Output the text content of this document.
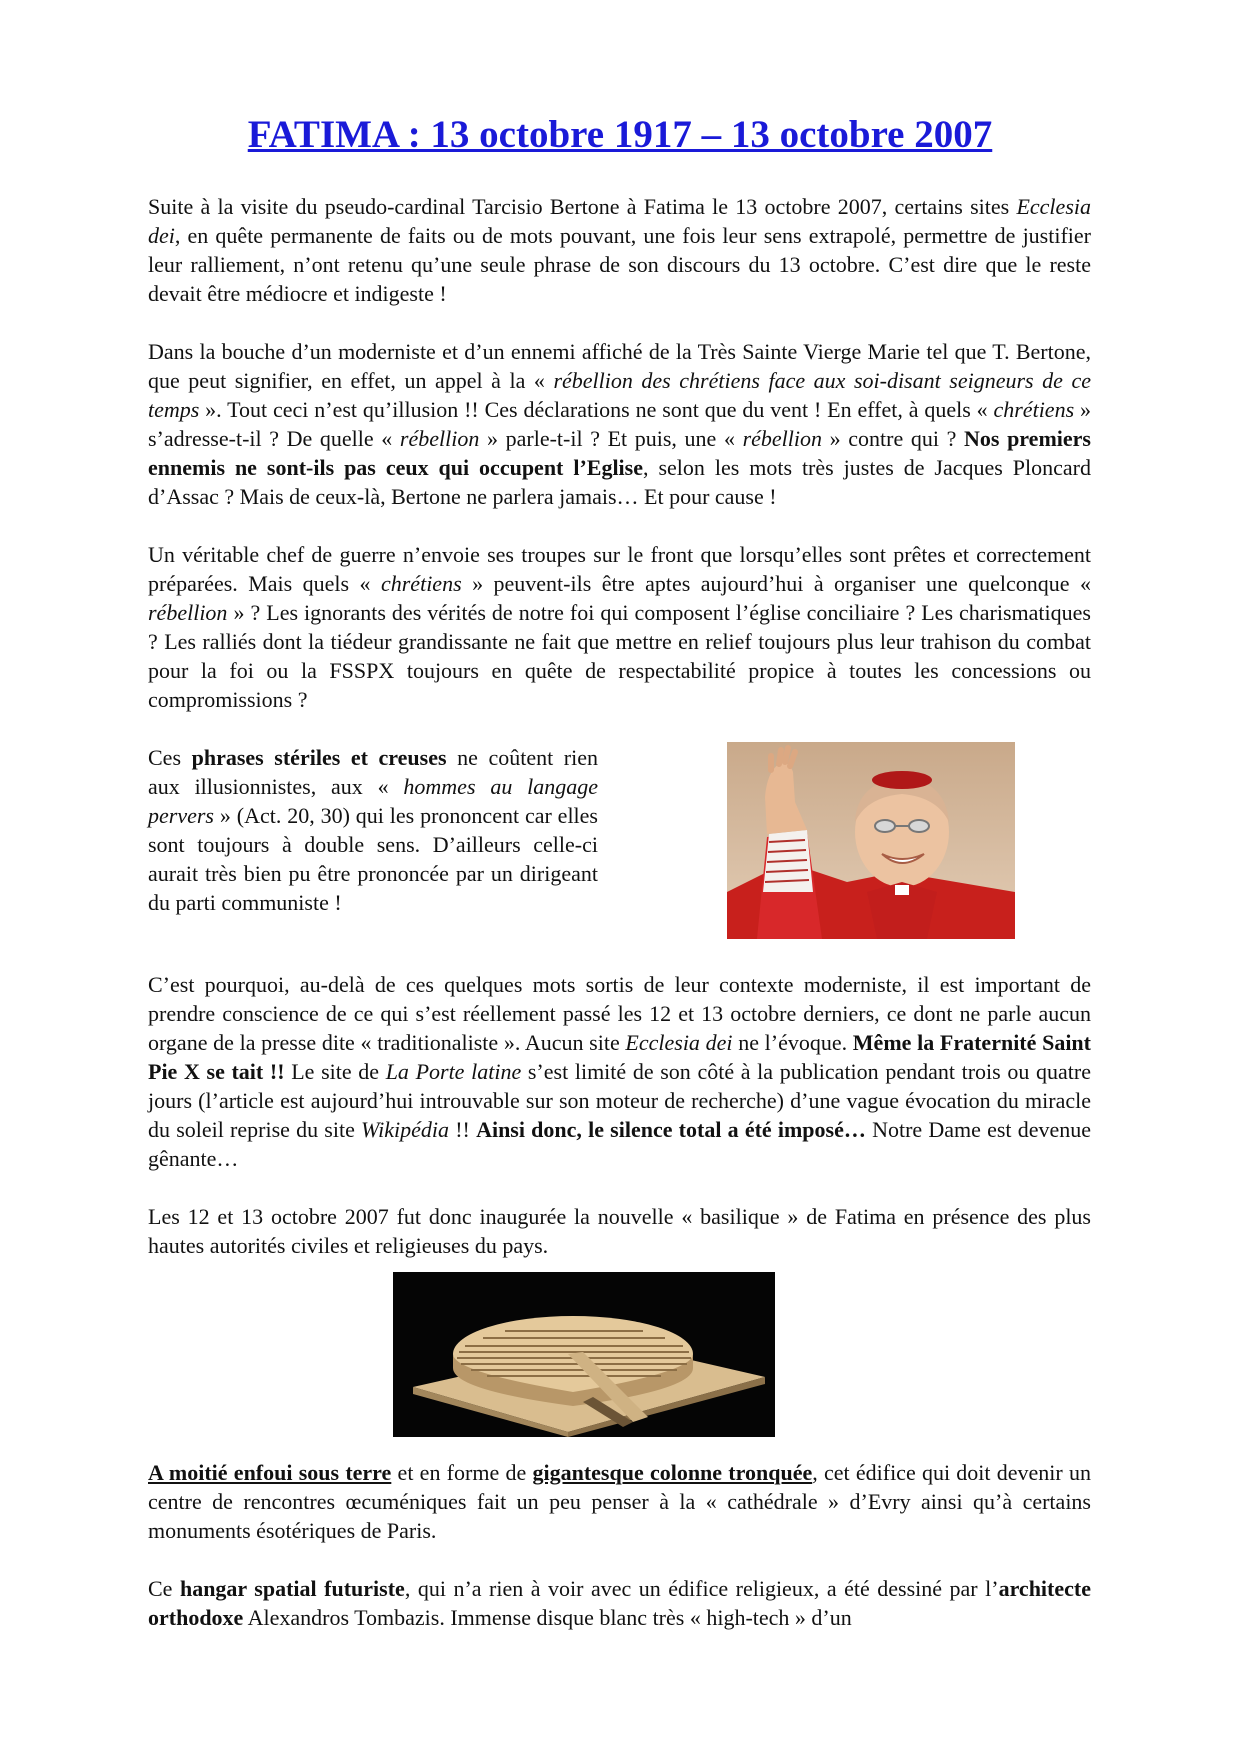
FATIMA : 13 octobre 1917 – 13 octobre 2007

Suite à la visite du pseudo-cardinal Tarcisio Bertone à Fatima le 13 octobre 2007, certains sites Ecclesia dei, en quête permanente de faits ou de mots pouvant, une fois leur sens extrapolé, permettre de justifier leur ralliement, n’ont retenu qu’une seule phrase de son discours du 13 octobre. C’est dire que le reste devait être médiocre et indigeste !

Dans la bouche d’un moderniste et d’un ennemi affiché de la Très Sainte Vierge Marie tel que T. Bertone, que peut signifier, en effet, un appel à la « rébellion des chrétiens face aux soi-disant seigneurs de ce temps ». Tout ceci n’est qu’illusion !! Ces déclarations ne sont que du vent ! En effet, à quels « chrétiens » s’adresse-t-il ? De quelle « rébellion » parle-t-il ? Et puis, une « rébellion » contre qui ? Nos premiers ennemis ne sont-ils pas ceux qui occupent l’Eglise, selon les mots très justes de Jacques Ploncard d’Assac ? Mais de ceux-là, Bertone ne parlera jamais… Et pour cause !

Un véritable chef de guerre n’envoie ses troupes sur le front que lorsqu’elles sont prêtes et correctement préparées. Mais quels « chrétiens » peuvent-ils être aptes aujourd’hui à organiser une quelconque « rébellion » ? Les ignorants des vérités de notre foi qui composent l’église conciliaire ? Les charismatiques ? Les ralliés dont la tiédeur grandissante ne fait que mettre en relief toujours plus leur trahison du combat pour la foi ou la FSSPX toujours en quête de respectabilité propice à toutes les concessions ou compromissions ?

Ces phrases stériles et creuses ne coûtent rien aux illusionnistes, aux « hommes au langage pervers » (Act. 20, 30) qui les prononcent car elles sont toujours à double sens. D’ailleurs celle-ci aurait très bien pu être prononcée par un dirigeant du parti communiste !

C’est pourquoi, au-delà de ces quelques mots sortis de leur contexte moderniste, il est important de prendre conscience de ce qui s’est réellement passé les 12 et 13 octobre derniers, ce dont ne parle aucun organe de la presse dite « traditionaliste ». Aucun site Ecclesia dei ne l’évoque. Même la Fraternité Saint Pie X se tait !! Le site de La Porte latine s’est limité de son côté à la publication pendant trois ou quatre jours (l’article est aujourd’hui introuvable sur son moteur de recherche) d’une vague évocation du miracle du soleil reprise du site Wikipédia !! Ainsi donc, le silence total a été imposé… Notre Dame est devenue gênante…

Les 12 et 13 octobre 2007 fut donc inaugurée la nouvelle « basilique » de Fatima en présence des plus hautes autorités civiles et religieuses du pays.

A moitié enfoui sous terre et en forme de gigantesque colonne tronquée, cet édifice qui doit devenir un centre de rencontres œcuméniques fait un peu penser à la « cathédrale » d’Evry ainsi qu’à certains monuments ésotériques de Paris.

Ce hangar spatial futuriste, qui n’a rien à voir avec un édifice religieux, a été dessiné par l’architecte orthodoxe Alexandros Tombazis. Immense disque blanc très « high-tech » d’un
